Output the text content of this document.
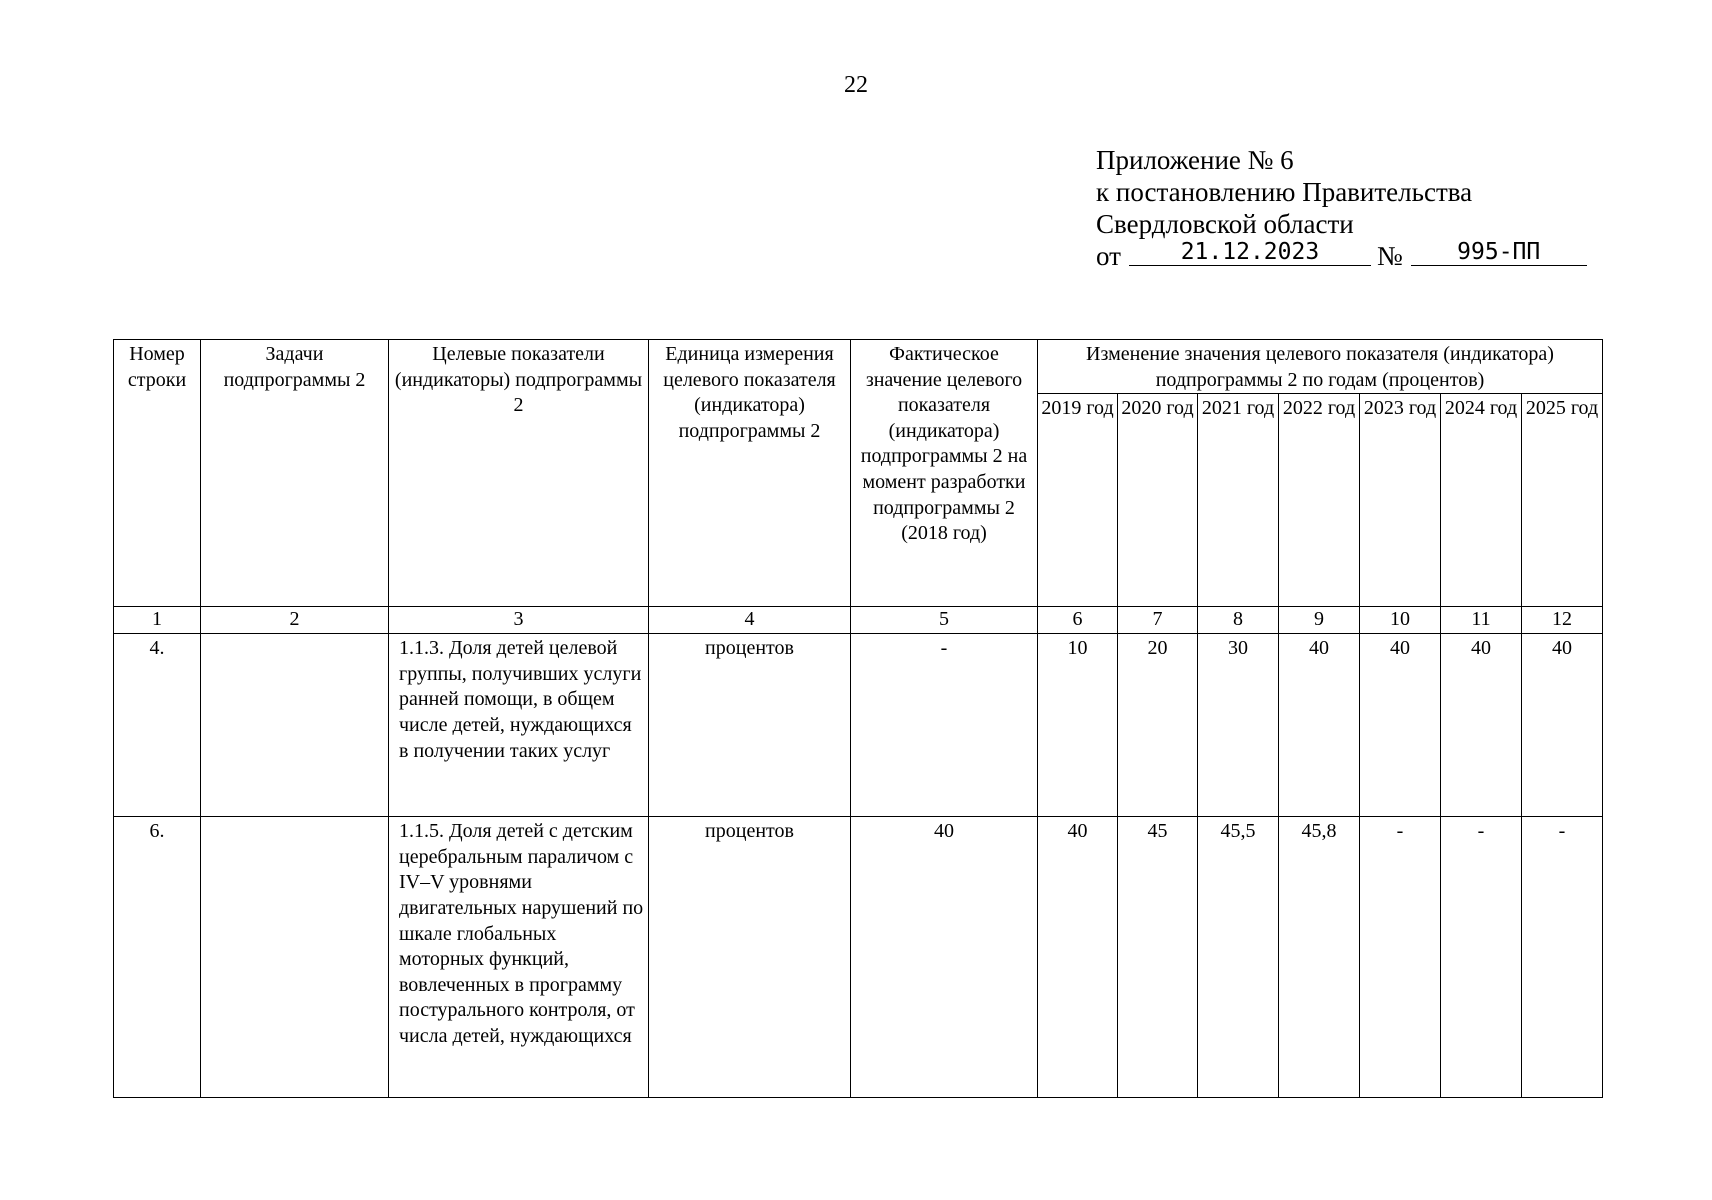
22
Приложение № 6
к постановлению Правительства
Свердловской области
от	21.12.2023 № 995-ПП
Номер строки	Задачи подпрограммы 2	Целевые показатели (индикаторы) подпрограммы 2	Единица измерения целевого показателя (индикатора) подпрограммы 2	Фактическое значение целевого показателя (индикатора) подпрограммы 2 на момент разработки подпрограммы 2 (2018 год)	Изменение значения целевого показателя (индикатора) подпрограммы 2 по годам (процентов)						
					2019 год	2020 год	2021 год	2022 год	2023 год	2024 год	2025 год
1	2	3	4	5	6	7	8	9	10	11	12
4.		1.1.3. Доля детей целевой группы, получивших услуги ранней помощи, в общем числе детей, нуждающихся в получении таких услуг	процентов	-	10	20	30	40	40	40	40
6.		1.1.5. Доля детей с детским церебральным параличом с IV–V уровнями двигательных нарушений по шкале глобальных моторных функций, вовлеченных в программу постурального контроля, от числа детей, нуждающихся	процентов	40	40	45	45,5	45,8	-	-	-
